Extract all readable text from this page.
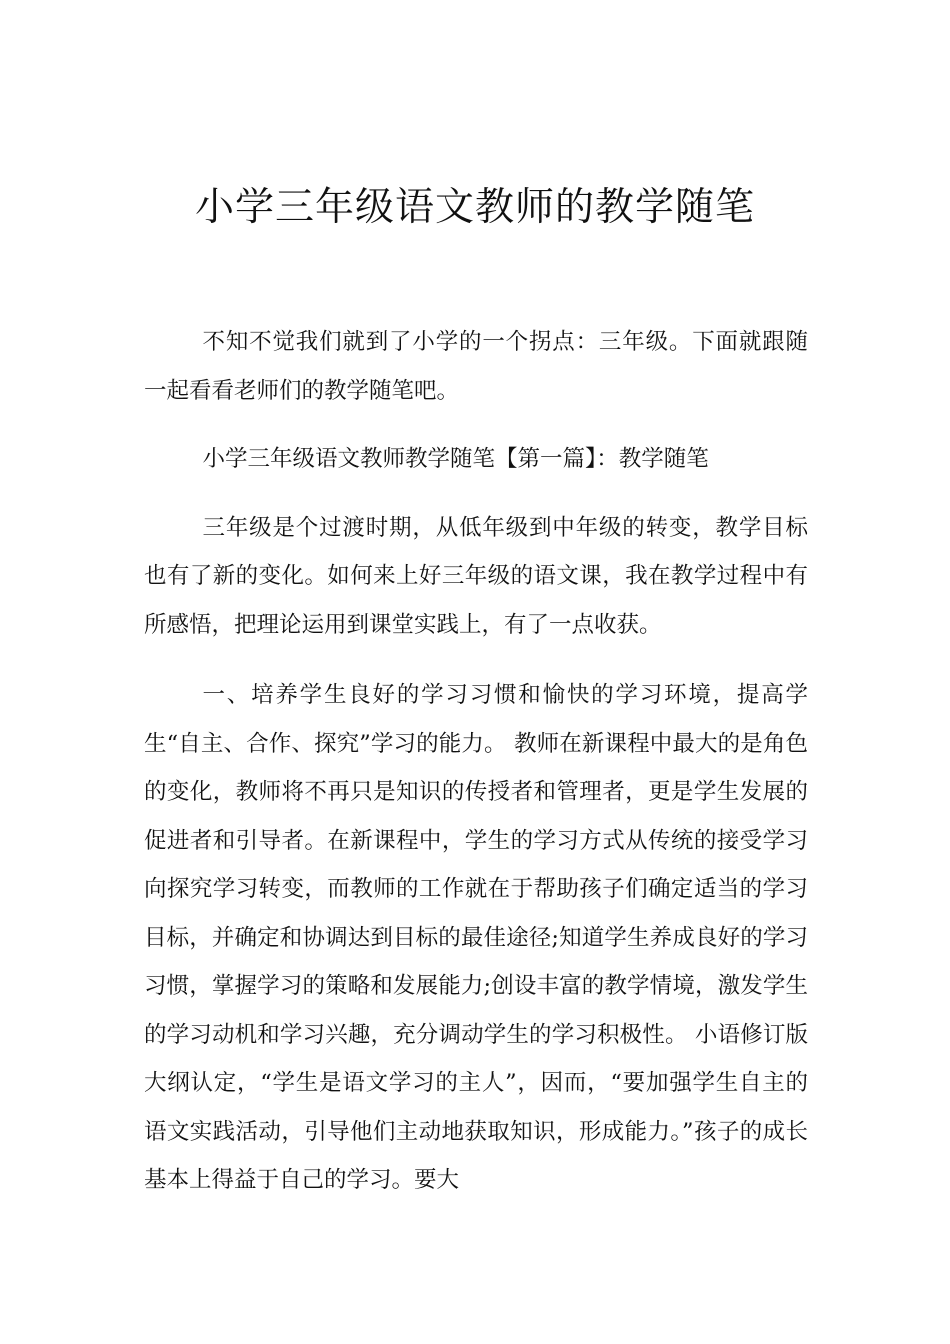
小学三年级语文教师的教学随笔

不知不觉我们就到了小学的一个拐点：三年级。下面就跟随一起看看老师们的教学随笔吧。

小学三年级语文教师教学随笔【第一篇】：教学随笔

三年级是个过渡时期，从低年级到中年级的转变，教学目标也有了新的变化。如何来上好三年级的语文课，我在教学过程中有所感悟，把理论运用到课堂实践上，有了一点收获。

一、培养学生良好的学习习惯和愉快的学习环境，提高学生“自主、合作、探究”学习的能力。 教师在新课程中最大的是角色的变化，教师将不再只是知识的传授者和管理者，更是学生发展的促进者和引导者。在新课程中，学生的学习方式从传统的接受学习向探究学习转变，而教师的工作就在于帮助孩子们确定适当的学习目标，并确定和协调达到目标的最佳途径;知道学生养成良好的学习习惯，掌握学习的策略和发展能力;创设丰富的教学情境，激发学生的学习动机和学习兴趣，充分调动学生的学习积极性。 小语修订版大纲认定，“学生是语文学习的主人”，因而，“要加强学生自主的语文实践活动，引导他们主动地获取知识，形成能力。”孩子的成长基本上得益于自己的学习。要大
